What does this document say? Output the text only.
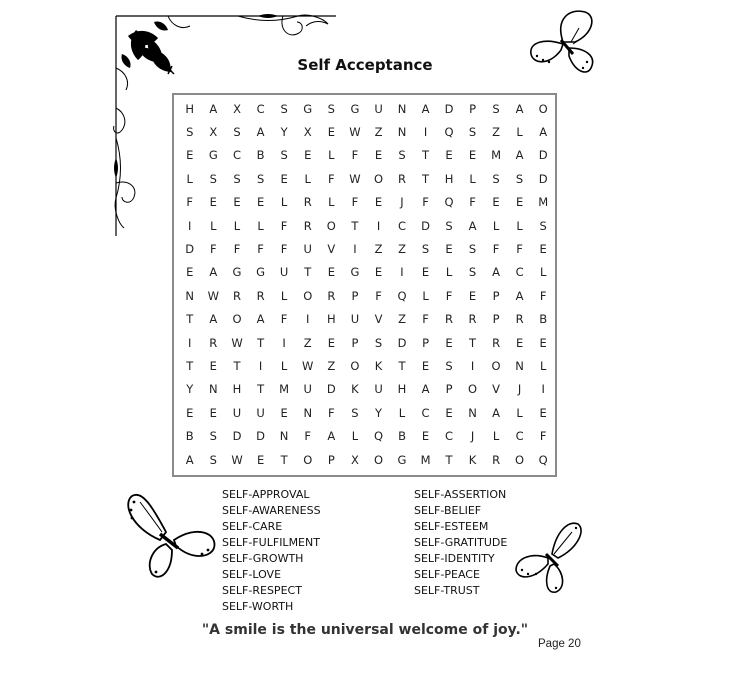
Self Acceptance
H	A	X	C	S	G	S	G	U	N	A	D	P	S	A	O
S	X	S	A	Y	X	E	W	Z	N	I	Q	S	Z	L	A
E	G	C	B	S	E	L	F	E	S	T	E	E	M	A	D
L	S	S	S	E	L	F	W	O	R	T	H	L	S	S	D
F	E	E	E	L	R	L	F	E	J	F	Q	F	E	E	M
I	L	L	L	F	R	O	T	I	C	D	S	A	L	L	S
D	F	F	F	F	U	V	I	Z	Z	S	E	S	F	F	E
E	A	G	G	U	T	E	G	E	I	E	L	S	A	C	L
N	W	R	R	L	O	R	P	F	Q	L	F	E	P	A	F
T	A	O	A	F	I	H	U	V	Z	F	R	R	P	R	B
I	R	W	T	I	Z	E	P	S	D	P	E	T	R	E	E
T	E	T	I	L	W	Z	O	K	T	E	S	I	O	N	L
Y	N	H	T	M	U	D	K	U	H	A	P	O	V	J	I
E	E	U	U	E	N	F	S	Y	L	C	E	N	A	L	E
B	S	D	D	N	F	A	L	Q	B	E	C	J	L	C	F
A	S	W	E	T	O	P	X	O	G	M	T	K	R	O	Q
SELF-APPROVAL
SELF-AWARENESS
SELF-CARE
SELF-FULFILMENT
SELF-GROWTH
SELF-LOVE
SELF-RESPECT
SELF-WORTH
SELF-ASSERTION
SELF-BELIEF
SELF-ESTEEM
SELF-GRATITUDE
SELF-IDENTITY
SELF-PEACE
SELF-TRUST
"A smile is the universal welcome of joy."
Page 20
